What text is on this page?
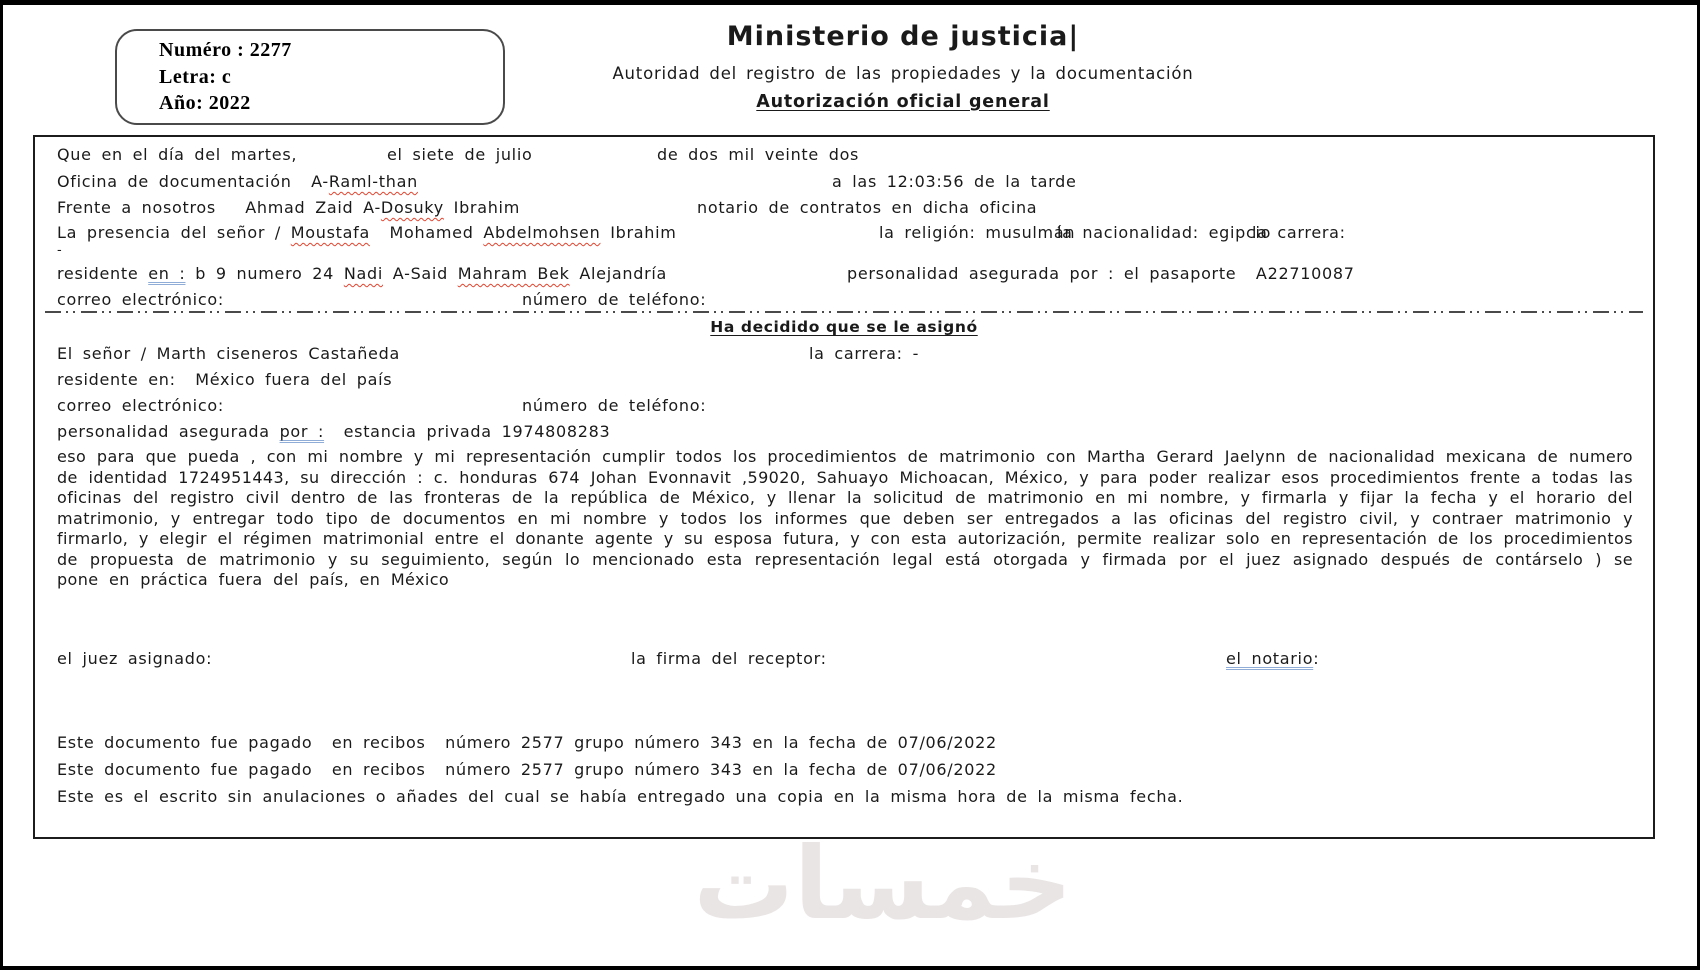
Numéro : 2277
Letra: c
Año: 2022
Ministerio de justicia|
Autoridad del registro de las propiedades y la documentación
Autorización oficial general

Que en el día del martes,

	el siete de julio

	de dos mil veinte dos

Oficina de documentación  A-Raml-than

	a las 12:03:56 de la tarde

Frente a nosotros   Ahmad Zaid A-Dosuky Ibrahim

	notario de contratos en dicha oficina

La presencia del señor / Moustafa  Mohamed Abdelmohsen Ibrahim

	la religión: musulmán

la nacionalidad: egipcio

la carrera:

-

residente en : b 9 numero 24 Nadi A-Said Mahram Bek Alejandría

	personalidad asegurada por : el pasaporte  A22710087

correo electrónico:

	número de teléfono:

Ha decidido que se le asignó

El señor / Marth ciseneros Castañeda

	la carrera: -

residente en:  México fuera del país

correo electrónico:

	número de teléfono:

personalidad asegurada por :  estancia privada 1974808283

eso para que pueda , con mi nombre y mi representación cumplir todos los procedimientos de matrimonio con Martha Gerard Jaelynn de nacionalidad mexicana de numero de identidad 1724951443, su dirección : c. honduras 674 Johan Evonnavit ,59020, Sahuayo Michoacan, México, y para poder realizar esos procedimientos frente a todas las oficinas del registro civil dentro de las fronteras de la república de México, y llenar la solicitud de matrimonio en mi nombre, y firmarla y fijar la fecha y el horario del matrimonio, y entregar todo tipo de documentos en mi nombre y todos los informes que deben ser entregados a las oficinas del registro civil, y contraer matrimonio y firmarlo, y elegir el régimen matrimonial entre el donante agente y su esposa futura, y con esta autorización, permite realizar solo en representación de los procedimientos de propuesta de matrimonio y su seguimiento, según lo mencionado esta representación legal está otorgada y firmada por el juez asignado después de contárselo ) se pone en práctica fuera del país, en México

el juez asignado:

	la firma del receptor:

	el notario:

Este documento fue pagado  en recibos  número 2577 grupo número 343 en la fecha de 07/06/2022
Este documento fue pagado  en recibos  número 2577 grupo número 343 en la fecha de 07/06/2022
Este es el escrito sin anulaciones o añades del cual se había entregado una copia en la misma hora de la misma fecha.
خمسات
